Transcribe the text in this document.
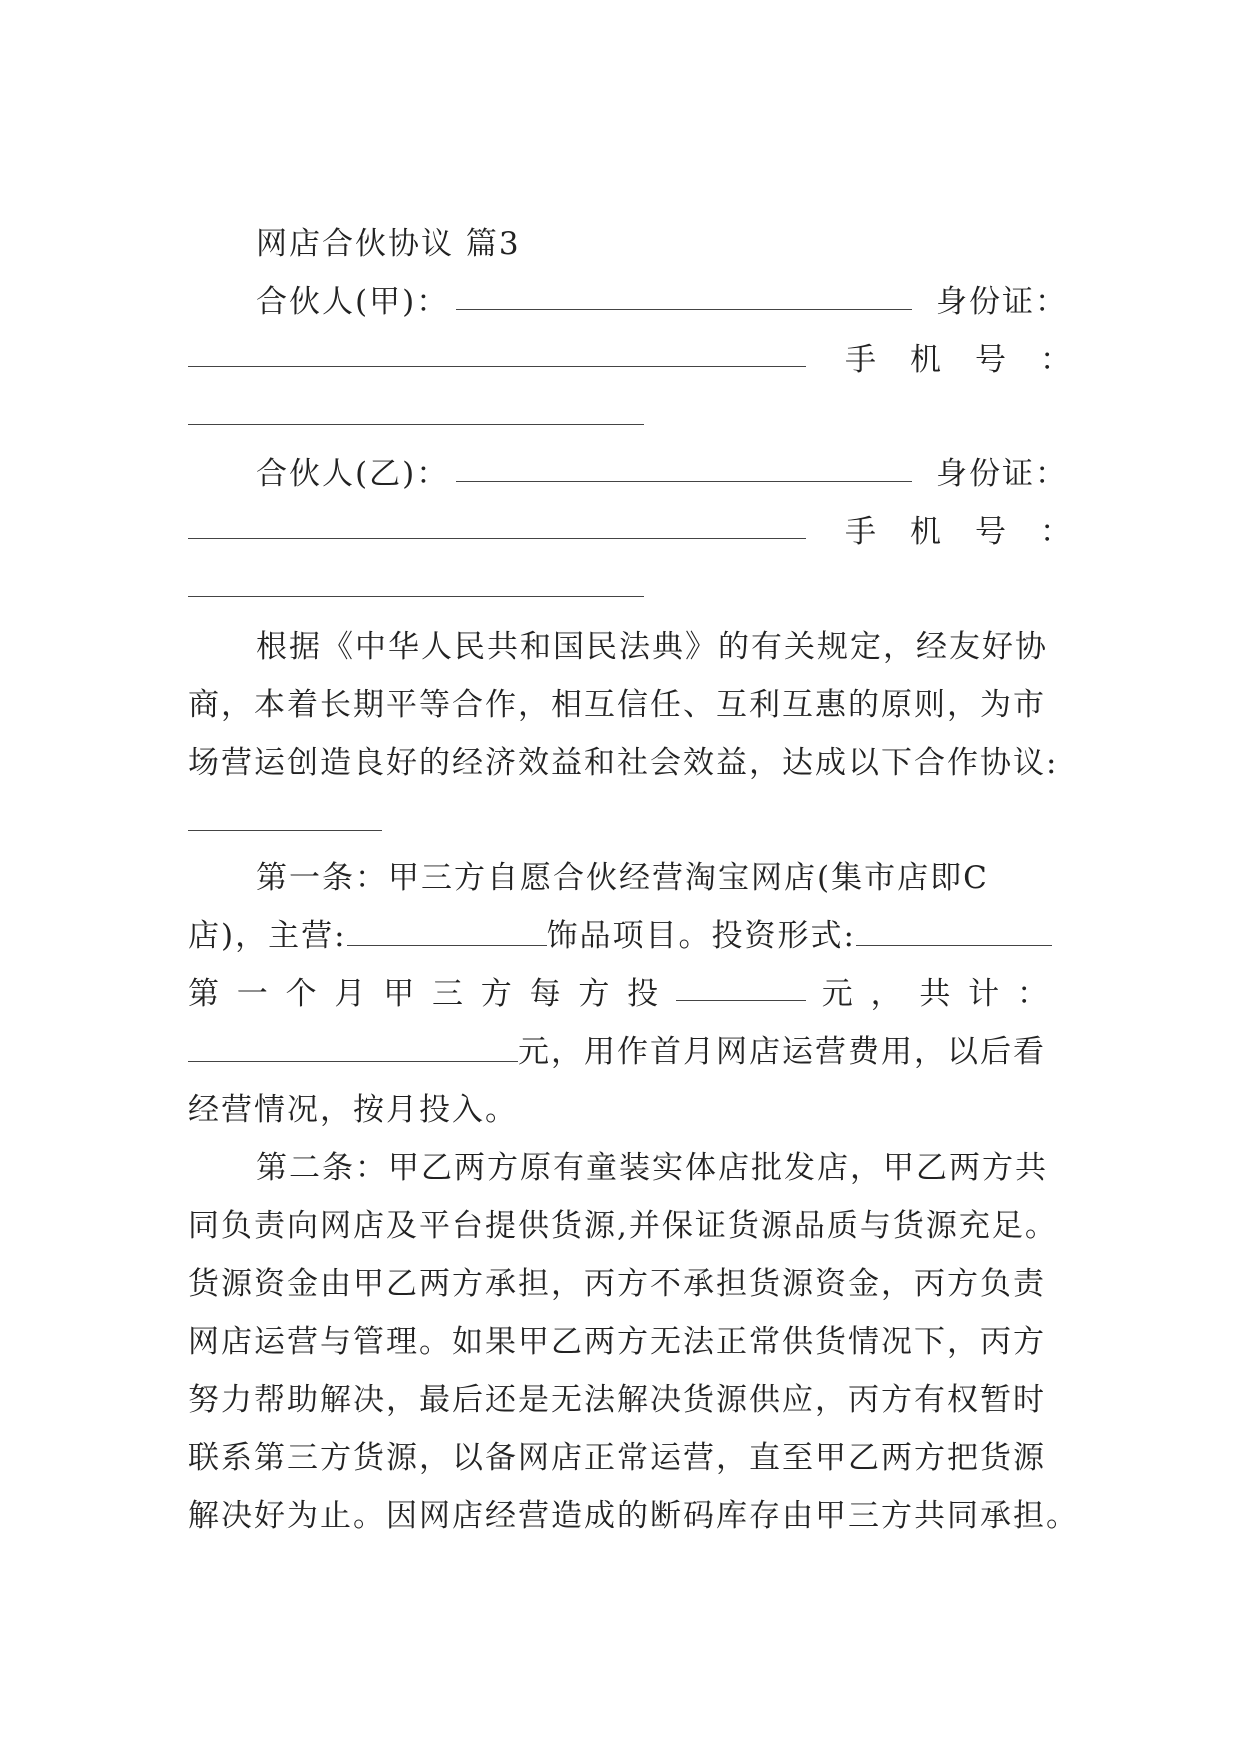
网店合伙协议 篇3
合伙人(甲)：	身份证：
手机号：
合伙人(乙)：	身份证：
手机号：
根据《中华人民共和国民法典》的有关规定，经友好协
商，本着长期平等合作，相互信任、互利互惠的原则，为市
场营运创造良好的经济效益和社会效益，达成以下合作协议:
第一条：甲三方自愿合伙经营淘宝网店(集市店即C
店)，主营:	饰品项目。投资形式:
第 一 个 月 甲 三 方 每 方 投	元 ， 共 计 ：
元，用作首月网店运营费用，以后看
经营情况，按月投入。
第二条：甲乙两方原有童装实体店批发店，甲乙两方共
同负责向网店及平台提供货源,并保证货源品质与货源充足。
货源资金由甲乙两方承担，丙方不承担货源资金，丙方负责
网店运营与管理。如果甲乙两方无法正常供货情况下，丙方
努力帮助解决，最后还是无法解决货源供应，丙方有权暂时
联系第三方货源，以备网店正常运营，直至甲乙两方把货源
解决好为止。因网店经营造成的断码库存由甲三方共同承担。
